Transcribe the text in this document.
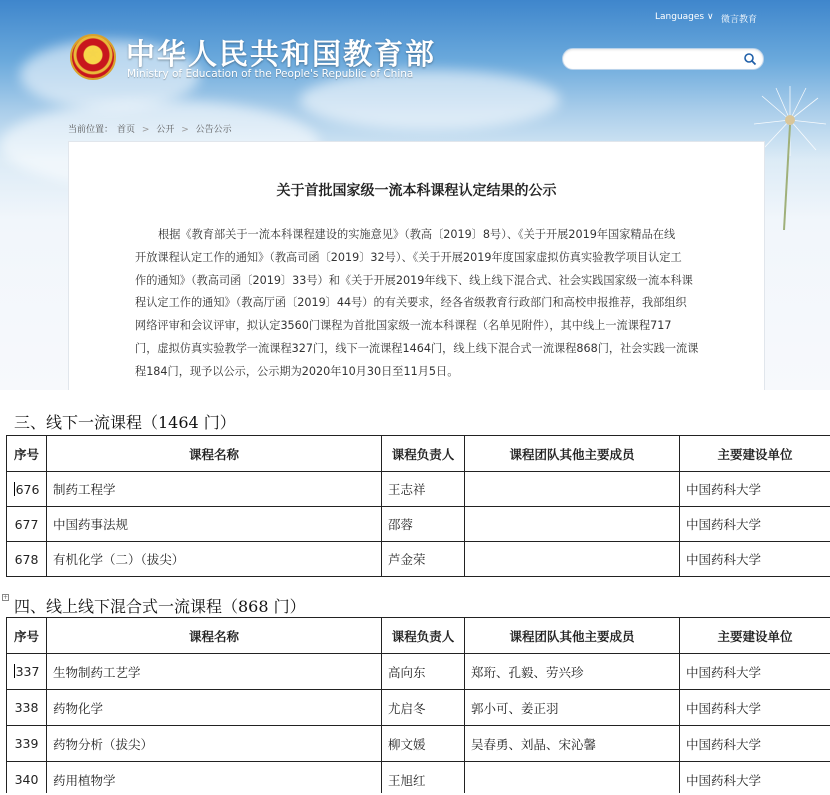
★
中华人民共和国教育部
Ministry of Education of the People's Republic of China
Languages ∨ 微言教育
当前位置： 首页 > 公开 > 公告公示
关于首批国家级一流本科课程认定结果的公示

根据《教育部关于一流本科课程建设的实施意见》（教高〔2019〕8号）、《关于开展2019年国家精品在线

开放课程认定工作的通知》（教高司函〔2019〕32号）、《关于开展2019年度国家虚拟仿真实验教学项目认定工

作的通知》（教高司函〔2019〕33号）和《关于开展2019年线下、线上线下混合式、社会实践国家级一流本科课

程认定工作的通知》（教高厅函〔2019〕44号）的有关要求，经各省级教育行政部门和高校申报推荐，我部组织

网络评审和会议评审，拟认定3560门课程为首批国家级一流本科课程（名单见附件），其中线上一流课程717

门，虚拟仿真实验教学一流课程327门，线下一流课程1464门，线上线下混合式一流课程868门，社会实践一流课

程184门，现予以公示，公示期为2020年10月30日至11月5日。

三、线下一流课程（1464 门）
序号	课程名称	课程负责人	课程团队其他主要成员	主要建设单位
676	制药工程学	王志祥		中国药科大学
677	中国药事法规	邵蓉		中国药科大学
678	有机化学（二）（拔尖）	芦金荣		中国药科大学
+ 四、线上线下混合式一流课程（868 门）
序号	课程名称	课程负责人	课程团队其他主要成员	主要建设单位
337	生物制药工艺学	高向东	郑珩、孔毅、劳兴珍	中国药科大学
338	药物化学	尤启冬	郭小可、姜正羽	中国药科大学
339	药物分析（拔尖）	柳文媛	吴春勇、刘晶、宋沁馨	中国药科大学
340	药用植物学	王旭红		中国药科大学
